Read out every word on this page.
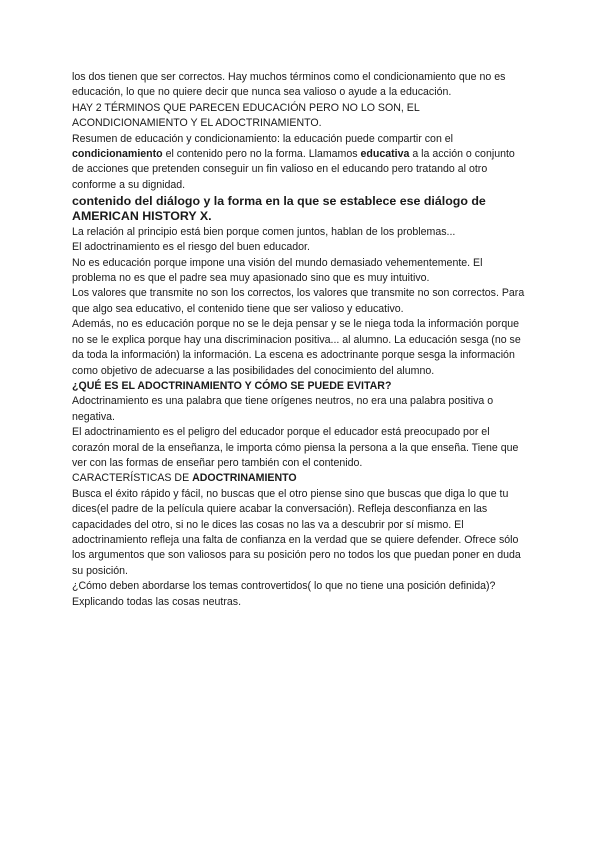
los dos tienen que ser correctos. Hay muchos términos como el condicionamiento que no es educación, lo que no quiere decir que nunca sea valioso o ayude a la educación.
HAY 2 TÉRMINOS QUE PARECEN EDUCACIÓN PERO NO LO SON, EL ACONDICIONAMIENTO Y EL ADOCTRINAMIENTO.
Resumen de educación y condicionamiento: la educación puede compartir con el condicionamiento el contenido pero no la forma. Llamamos educativa a la acción o conjunto de acciones que pretenden conseguir un fin valioso en el educando pero tratando al otro conforme a su dignidad.
contenido del diálogo y la forma en la que se establece ese diálogo de AMERICAN HISTORY X.
La relación al principio está bien porque comen juntos, hablan de los problemas...
El adoctrinamiento es el riesgo del buen educador.
No es educación porque impone una visión del mundo demasiado vehementemente. El problema no es que el padre sea muy apasionado sino que es muy intuitivo.
Los valores que transmite no son los correctos, los valores que transmite no son correctos. Para que algo sea educativo, el contenido tiene que ser valioso y educativo.
Además, no es educación porque no se le deja pensar y se le niega toda la información porque no se le explica porque hay una discriminacion positiva... al alumno. La educación sesga (no se da toda la información) la información. La escena es adoctrinante porque sesga la información como objetivo de adecuarse a las posibilidades del conocimiento del alumno.
¿QUÉ ES EL ADOCTRINAMIENTO Y CÓMO SE PUEDE EVITAR?
Adoctrinamiento es una palabra que tiene orígenes neutros, no era una palabra positiva o negativa.
El adoctrinamiento es el peligro del educador porque el educador está preocupado por el corazón moral de la enseñanza, le importa cómo piensa la persona a la que enseña. Tiene que ver con las formas de enseñar pero también con el contenido.
CARACTERÍSTICAS DE ADOCTRINAMIENTO
Busca el éxito rápido y fácil, no buscas que el otro piense sino que buscas que diga lo que tu dices(el padre de la película quiere acabar la conversación). Refleja desconfianza en las capacidades del otro, si no le dices las cosas no las va a descubrir por sí mismo. El adoctrinamiento refleja una falta de confianza en la verdad que se quiere defender. Ofrece sólo los argumentos que son valiosos para su posición pero no todos los que puedan poner en duda su posición.
¿Cómo deben abordarse los temas controvertidos( lo que no tiene una posición definida)? Explicando todas las cosas neutras.
